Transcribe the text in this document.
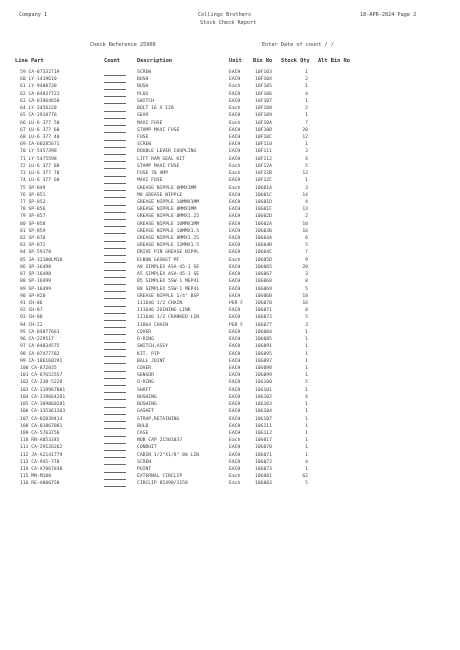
Company 1	Collings Brothers	18-APR-2024 Page 2
Stock Check Report
Check Reference 25900	Enter Date of count / /
Line Part	Count	Description	Unit Bin No Stock Qty Alt Bin No
59 CA-87332719	SCREW	EACH	10F103	1
60 LY-1419610	BUSH	EACH	10F104	2
61 LY-9480730	BUSH	Each	10F105	1
62 CA-84837721	PLUG	EACH	10F106	4
63 CA-81964650	SWITCH	EACH	10F107	1
64 LY-3456220	BOLT 16 X 120	Each	10F108	2
65 CA-2918776	GEAR	EACH	10F109	1
66 LU-6 377 50	MAXI FUSE	Each	10F10A	7
67 LU-6 377 60	STAMP MAXI FUSE	EACH	10F10B	20
68 LU-6 377 40	FUSE	EACH	10F10C	12
69 CA-60285671	SCREW	EACH	10F110	1
70 LY-5457398	DOUBLE LEVER COUPLING	EACH	10F111	3
71 LY-5475598	LIFT RAM SEAL KIT	EACH	10F112	4
72 LU-6 377 80	STAMP MAXI FUSE	Each	10F12A	5
73 LU-6 377 70	FUSE 70 AMP	Each	10F12B	12
74 LU-6 377 60	MAXI FUSE	EACH	10F12C	1
75 SP-849	GREASE NIPPLE 6MMX1MM	Each	10G01A	3
76 SP-851	M8 GREASE NIPPLE	EACH	10G01C	14
77 SP-852	GREASE NIPPLE 10MMX1MM	EACH	10G01D	4
78 SP-856	GREASE NIPPLE 8MMX1MM	EACH	10G01F	13
79 SP-857	GREASE NIPPLE 8MMX1.25	EACH	10G02D	2
80 SP-858	GREASE NIPPLE 10MMX1MM	EACH	10G02A	10
81 SP-859	GREASE NIPPLE 10MMX1.5	EACH	10G03B	16
82 SP-870	GREASE NIPPLE 8MMX1.25	EACH	10G04A	6
83 SP-872	GREASE NIPPLE 12MMX1.5	EACH	10G04B	5
84 SP-59178	DRIVE PIN GREASE NIPPL	EACH	10G04C	7
85 JA-32180LM18	ELBOW GASKET MF	Each	10G05D	9
86 SP-16490	A8 SIMPLEX ASA-45-1 SE	EACH	10G065	20
87 SP-16498	A5 SIMPLEX ASA-45-1 SE	EACH	10G067	3
88 SP-16499	B5 SIMPLEX 5SW-1 MEP41	EACH	10G068	8
89 SP-16499	B8 SIMPLEX 5SW-1 MEP41	EACH	10G069	5
90 SP-820	GREASE NIPPLE 1/4" BSP	EACH	10G06B	18
91 CH-06	111646 1/2 CHAIN	PER F	10G070	16
92 CH-07	111646 JOINING LINK	EACH	10G071	8
93 CH-08	111646 1/2 CRANKED LIN	EACH	10G072	5
94 CH-22	11864 CHAIN	PER F	10G077	3
95 CA-84077661	COVER	EACH	10G084	1
96 CA-229517	O-RING	EACH	10G085	1
97 CA-84034575	SWITCH,ASSY	EACH	10G091	1
98 CA-87477782	KIT, PIP	EACH	10G095	1
99 CA-186160291	BALL JOINT	EACH	10G097	1
100 CA-872835	COVER	EACH	10G098	1
101 CA-87652557	SENSOR	EACH	10G099	1
102 CA-238-5220	O-RING	EACH	10G100	5
103 CA-319967801	SHAFT	EACH	10G101	1
104 CA-319664281	BUSHING	EACH	10G102	4
105 CA-309860281	BUSHING	EACH	10G103	1
106 CA-335361263	GASKET	EACH	10G104	1
107 CA-82039414	STRAP,RETAINING	EACH	10G107	1
108 CA-81867081	BULB	EACH	10G111	1
109 CA-5763756	CASE	EACH	10G112	1
110 RN-A053345	NUB CAP 21501037	Each	10G017	1
111 CA-29126262	CONDUIT	EACH	10G070	1
112 JA-A2141779	CABIN 1/2"X1/8" 08 LIN	EACH	10G071	1
113 CA-945-770	SCREW	EACH	10G072	4
114 CA-A7067830	POINT	EACH	10G073	1
115 MN-M100	EXTERNAL CIRCLIP	Each	10G081	62
116 RE-A006758	CIRCLIP 85490/3150	Each	10G083	5
